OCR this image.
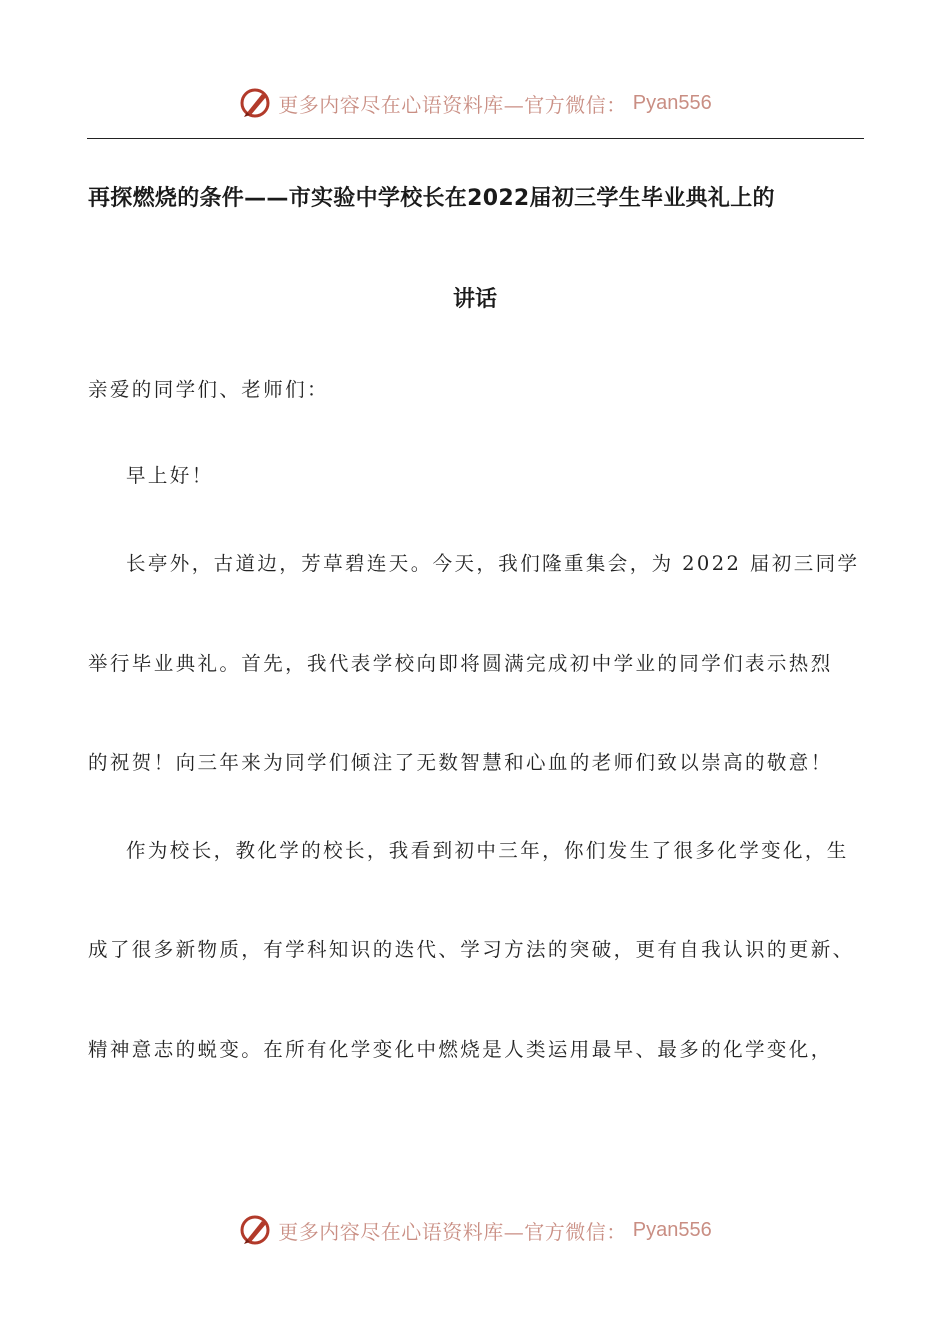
更多内容尽在心语资料库—官方微信： Pyan556
再探燃烧的条件——市实验中学校长在2022届初三学生毕业典礼上的
讲话
亲爱的同学们、老师们：
早上好！
长亭外，古道边，芳草碧连天。今天，我们隆重集会，为 2022 届初三同学
举行毕业典礼。首先，我代表学校向即将圆满完成初中学业的同学们表示热烈
的祝贺！向三年来为同学们倾注了无数智慧和心血的老师们致以崇高的敬意！
作为校长，教化学的校长，我看到初中三年，你们发生了很多化学变化，生
成了很多新物质，有学科知识的迭代、学习方法的突破，更有自我认识的更新、
精神意志的蜕变。在所有化学变化中燃烧是人类运用最早、最多的化学变化，
更多内容尽在心语资料库—官方微信： Pyan556
